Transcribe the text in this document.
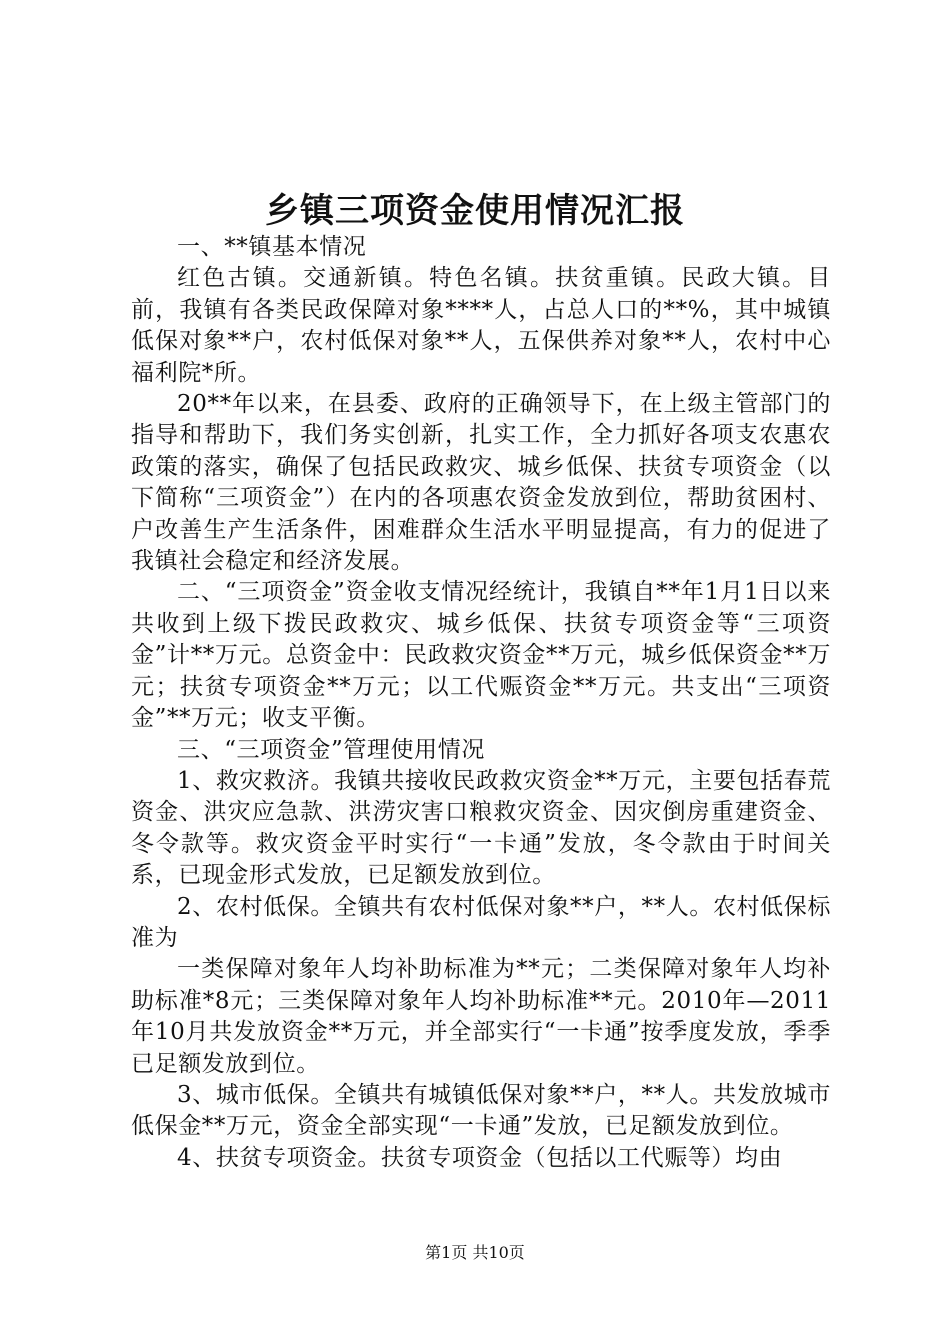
乡镇三项资金使用情况汇报

一、**镇基本情况

红色古镇。交通新镇。特色名镇。扶贫重镇。民政大镇。目前，我镇有各类民政保障对象****人，占总人口的**%，其中城镇低保对象**户，农村低保对象**人，五保供养对象**人，农村中心福利院*所。

20**年以来，在县委、政府的正确领导下，在上级主管部门的指导和帮助下，我们务实创新，扎实工作，全力抓好各项支农惠农政策的落实，确保了包括民政救灾、城乡低保、扶贫专项资金（以下简称“三项资金”）在内的各项惠农资金发放到位，帮助贫困村、户改善生产生活条件，困难群众生活水平明显提高，有力的促进了我镇社会稳定和经济发展。

二、“三项资金”资金收支情况经统计，我镇自**年1月1日以来共收到上级下拨民政救灾、城乡低保、扶贫专项资金等“三项资金”计**万元。总资金中：民政救灾资金**万元，城乡低保资金**万元；扶贫专项资金**万元；以工代赈资金**万元。共支出“三项资金”**万元；收支平衡。

三、“三项资金”管理使用情况

1、救灾救济。我镇共接收民政救灾资金**万元，主要包括春荒资金、洪灾应急款、洪涝灾害口粮救灾资金、因灾倒房重建资金、冬令款等。救灾资金平时实行“一卡通”发放，冬令款由于时间关系，已现金形式发放，已足额发放到位。

2、农村低保。全镇共有农村低保对象**户，**人。农村低保标准为

一类保障对象年人均补助标准为**元；二类保障对象年人均补助标准*8元；三类保障对象年人均补助标准**元。2010年—2011年10月共发放资金**万元，并全部实行“一卡通”按季度发放，季季已足额发放到位。

3、城市低保。全镇共有城镇低保对象**户，**人。共发放城市低保金**万元，资金全部实现“一卡通”发放，已足额发放到位。

4、扶贫专项资金。扶贫专项资金（包括以工代赈等）均由

第1页 共10页
